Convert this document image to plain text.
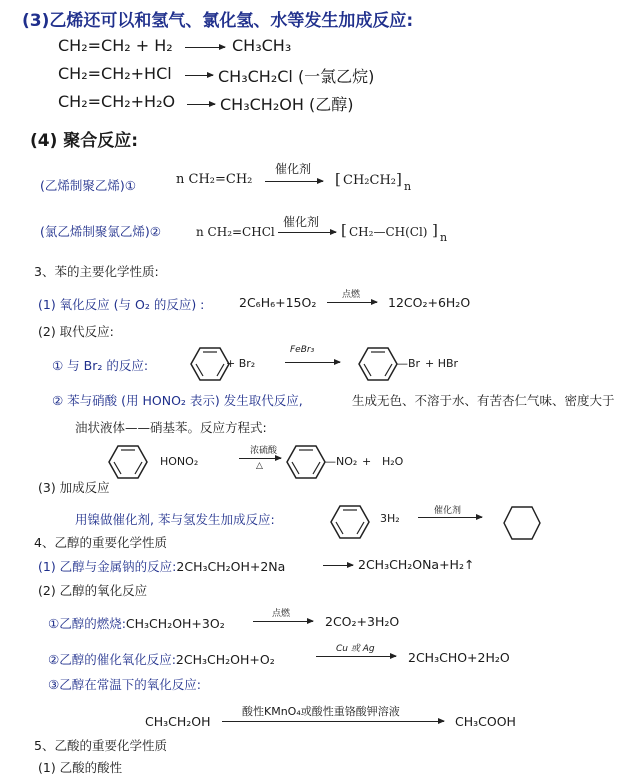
(3)乙烯还可以和氢气、氯化氢、水等发生加成反应:
CH₂=CH₂ + H₂ → CH₃CH₃
CH₂=CH₂+HCl → CH₃CH₂Cl (一氯乙烷)
CH₂=CH₂+H₂O → CH₃CH₂OH (乙醇)
(4) 聚合反应:
(乙烯制聚乙烯)①	n CH₂=CH₂
催化剂
→ [ CH₂CH₂ ] n
(氯乙烯制聚氯乙烯)②	n CH₂=CHCl
催化剂 → [ CH₂—CH(Cl) ] n
3、苯的主要化学性质:
(1) 氧化反应 (与 O₂ 的反应) :	2C₆H₆+15O₂	点燃 → 12CO₂+6H₂O
(2) 取代反应:
① 与 Br₂ 的反应:	+ Br₂
FeBr₃
—Br + HBr
② 苯与硝酸 (用 HONO₂ 表示) 发生取代反应,	生成无色、不溶于水、有苦杏仁气味、密度大于
油状液体——硝基苯。反应方程式:
HONO₂
浓硫酸
△	—NO₂ + H₂O
(3) 加成反应
用镍做催化剂, 苯与氢发生加成反应:	3H₂
催化剂
4、乙醇的重要化学性质
(1) 乙醇与金属钠的反应:2CH₃CH₂OH+2Na → 2CH₃CH₂ONa+H₂↑
(2) 乙醇的氧化反应
①乙醇的燃烧:CH₃CH₂OH+3O₂
点燃 → 2CO₂+3H₂O
②乙醇的催化氧化反应:2CH₃CH₂OH+O₂
Cu 或 Ag
2CH₃CHO+2H₂O
③乙醇在常温下的氧化反应:
CH₃CH₂OH
酸性KMnO₄或酸性重铬酸钾溶液
CH₃COOH
5、乙酸的重要化学性质
(1) 乙酸的酸性
